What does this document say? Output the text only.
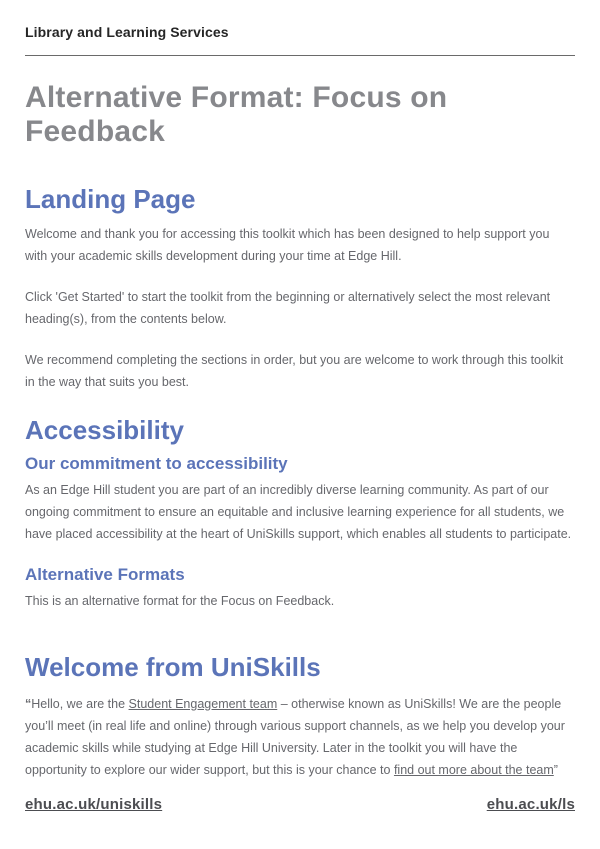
Library and Learning Services
Alternative Format: Focus on Feedback
Landing Page

Welcome and thank you for accessing this toolkit which has been designed to help support you with your academic skills development during your time at Edge Hill.

Click 'Get Started' to start the toolkit from the beginning or alternatively select the most relevant heading(s), from the contents below.

We recommend completing the sections in order, but you are welcome to work through this toolkit in the way that suits you best.

Accessibility
Our commitment to accessibility

As an Edge Hill student you are part of an incredibly diverse learning community. As part of our ongoing commitment to ensure an equitable and inclusive learning experience for all students, we have placed accessibility at the heart of UniSkills support, which enables all students to participate.

Alternative Formats

This is an alternative format for the Focus on Feedback.

Welcome from UniSkills

“Hello, we are the Student Engagement team – otherwise known as UniSkills! We are the people you’ll meet (in real life and online) through various support channels, as we help you develop your academic skills while studying at Edge Hill University. Later in the toolkit you will have the opportunity to explore our wider support, but this is your chance to find out more about the team”

ehu.ac.uk/uniskills	ehu.ac.uk/ls
